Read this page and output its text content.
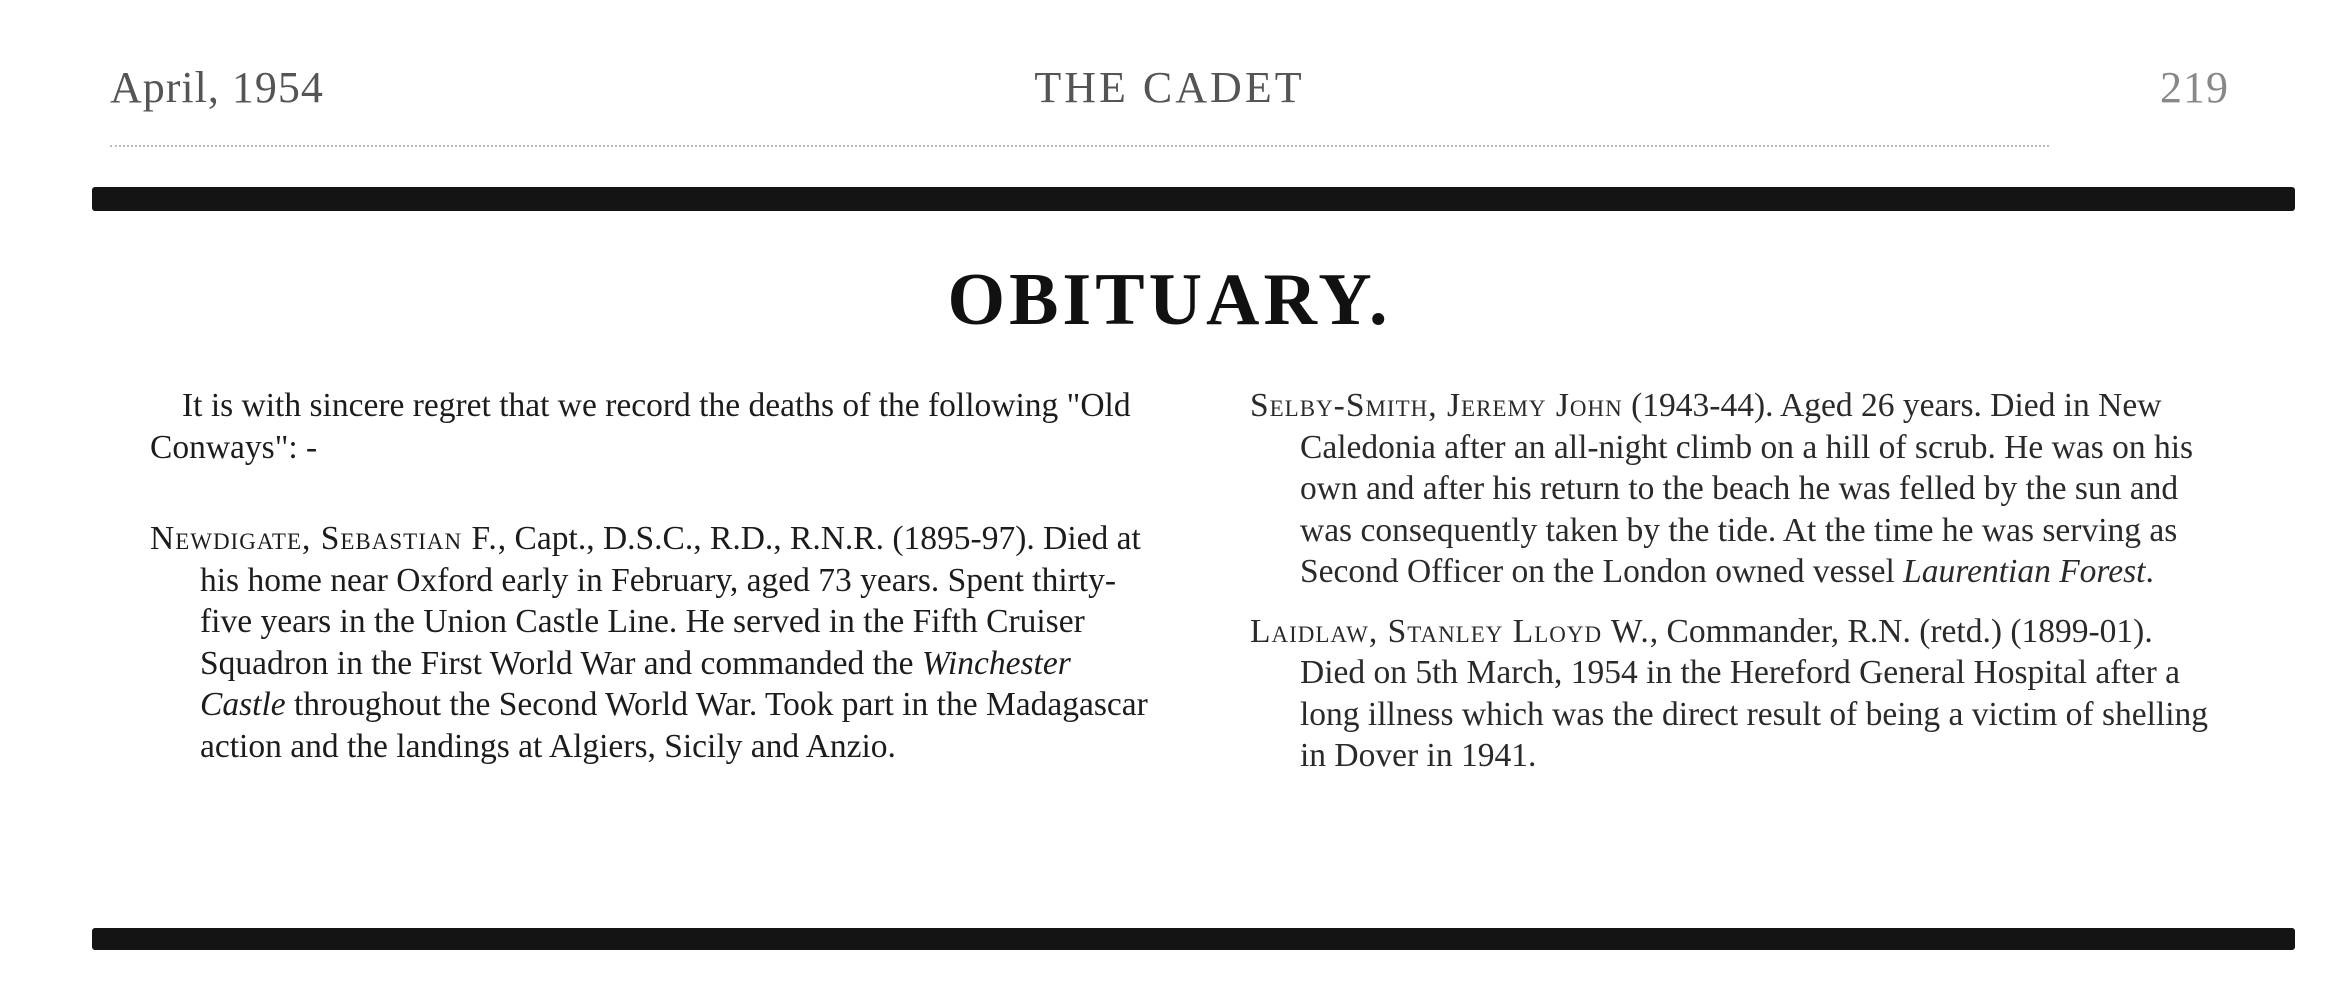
April, 1954	THE CADET	219
OBITUARY.

It is with sincere regret that we record the deaths of the following "Old Conways": -

Newdigate, Sebastian F., Capt., D.S.C., R.D., R.N.R. (1895-97). Died at his home near Oxford early in February, aged 73 years. Spent thirty-five years in the Union Castle Line. He served in the Fifth Cruiser Squadron in the First World War and commanded the Winchester Castle throughout the Second World War. Took part in the Madagascar action and the landings at Algiers, Sicily and Anzio.

Selby-Smith, Jeremy John (1943-44). Aged 26 years. Died in New Caledonia after an all-night climb on a hill of scrub. He was on his own and after his return to the beach he was felled by the sun and was consequently taken by the tide. At the time he was serving as Second Officer on the London owned vessel Laurentian Forest.

Laidlaw, Stanley Lloyd W., Commander, R.N. (retd.) (1899-01). Died on 5th March, 1954 in the Hereford General Hospital after a long illness which was the direct result of being a victim of shelling in Dover in 1941.
